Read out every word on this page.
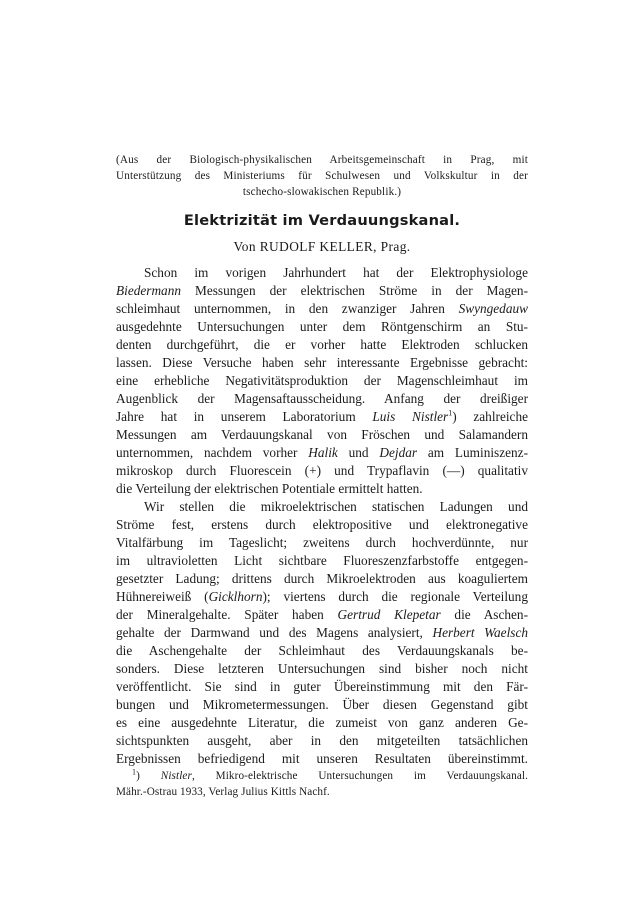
(Aus der Biologisch-physikalischen Arbeitsgemeinschaft in Prag, mit
Unterstützung des Ministeriums für Schulwesen und Volkskultur in der
tschecho-slowakischen Republik.)
Elektrizität im Verdauungskanal.
Von RUDOLF KELLER, Prag.
Schon im vorigen Jahrhundert hat der Elektrophysiologe
Biedermann Messungen der elektrischen Ströme in der Magen-
schleimhaut unternommen, in den zwanziger Jahren Swyngedauw
ausgedehnte Untersuchungen unter dem Röntgenschirm an Stu-
denten durchgeführt, die er vorher hatte Elektroden schlucken
lassen. Diese Versuche haben sehr interessante Ergebnisse gebracht:
eine erhebliche Negativitätsproduktion der Magenschleimhaut im
Augenblick der Magensaftausscheidung. Anfang der dreißiger
Jahre hat in unserem Laboratorium Luis Nistler$^1$) zahlreiche
Messungen am Verdauungskanal von Fröschen und Salamandern
unternommen, nachdem vorher Halik und Dejdar am Luminiszenz-
mikroskop durch Fluorescein (+) und Trypaflavin (—) qualitativ
die Verteilung der elektrischen Potentiale ermittelt hatten.
Wir stellen die mikroelektrischen statischen Ladungen und
Ströme fest, erstens durch elektropositive und elektronegative
Vitalfärbung im Tageslicht; zweitens durch hochverdünnte, nur
im ultravioletten Licht sichtbare Fluoreszenzfarbstoffe entgegen-
gesetzter Ladung; drittens durch Mikroelektroden aus koaguliertem
Hühnereiweiß (Gicklhorn); viertens durch die regionale Verteilung
der Mineralgehalte. Später haben Gertrud Klepetar die Aschen-
gehalte der Darmwand und des Magens analysiert, Herbert Waelsch
die Aschengehalte der Schleimhaut des Verdauungskanals be-
sonders. Diese letzteren Untersuchungen sind bisher noch nicht
veröffentlicht. Sie sind in guter Übereinstimmung mit den Fär-
bungen und Mikrometermessungen. Über diesen Gegenstand gibt
es eine ausgedehnte Literatur, die zumeist von ganz anderen Ge-
sichtspunkten ausgeht, aber in den mitgeteilten tatsächlichen
Ergebnissen befriedigend mit unseren Resultaten übereinstimmt.
$^1$) Nistler, Mikro-elektrische Untersuchungen im Verdauungskanal.
Mähr.-Ostrau 1933, Verlag Julius Kittls Nachf.
